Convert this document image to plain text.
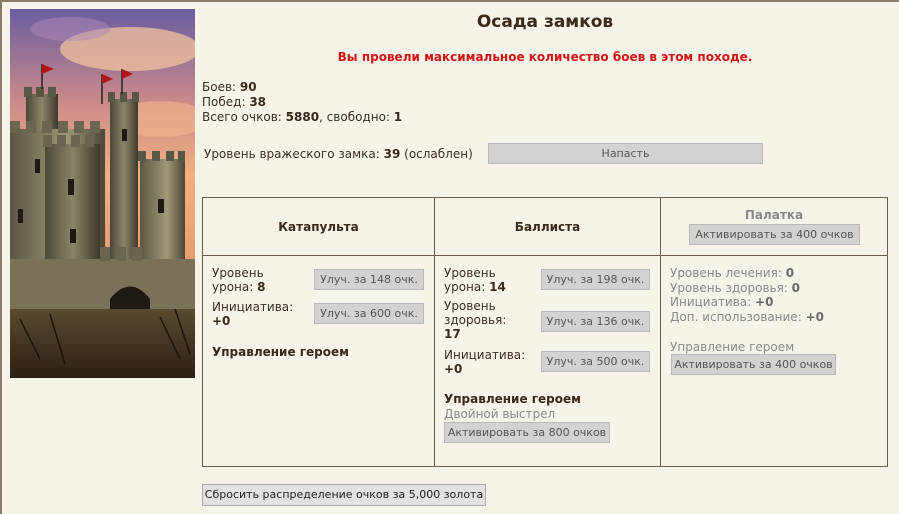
Осада замков
Вы провели максимальное количество боев в этом походе.
Боев: 90
Побед: 38
Всего очков: 5880, свободно: 1
Уровень вражеского замка: 39 (ослаблен)	Напасть
Катапульта	Баллиста
Палатка
Активировать за 400 очков
Уровень
урона: 8
Улуч. за 148 очк.
Инициатива:
+0
Улуч. за 600 очк.
Управление героем
Уровень
урона: 14
Улуч. за 198 очк.
Уровень
здоровья:
17
Улуч. за 136 очк.
Инициатива:
+0
Улуч. за 500 очк.
Управление героем
Двойной выстрел
Активировать за 800 очков
Уровень лечения: 0
Уровень здоровья: 0
Инициатива: +0
Доп. использование: +0
Управление героем
Активировать за 400 очков
Сбросить распределение очков за 5,000 золота
